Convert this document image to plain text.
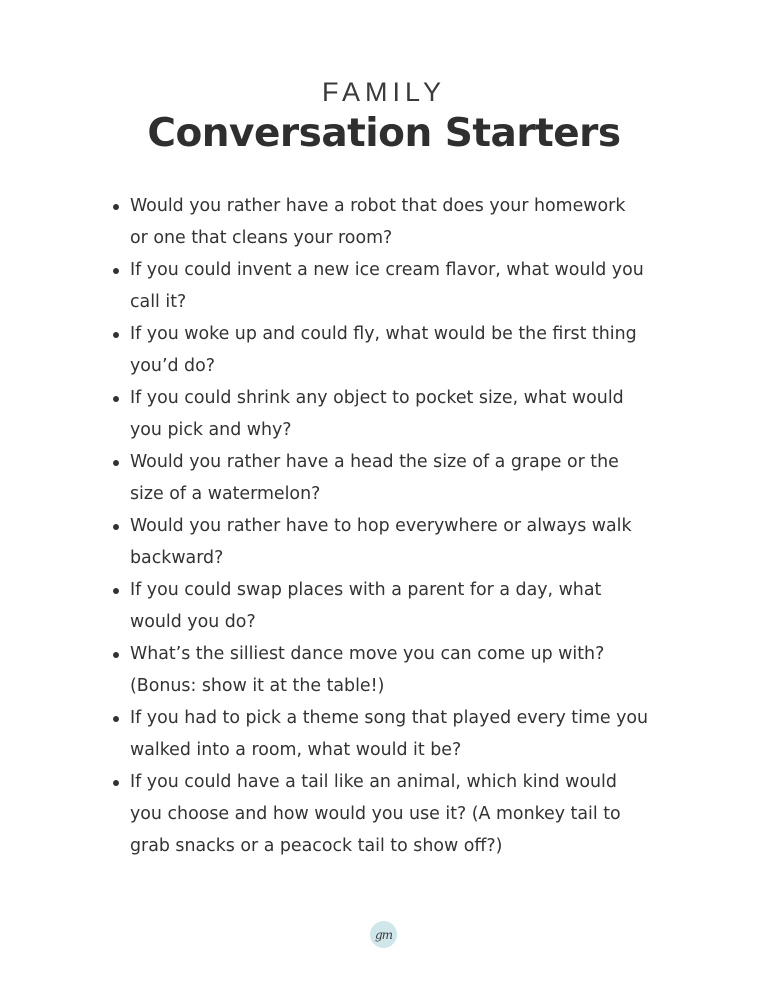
FAMILY
Conversation Starters
Would you rather have a robot that does your homework
or one that cleans your room?
If you could invent a new ice cream flavor, what would you
call it?
If you woke up and could fly, what would be the first thing
you’d do?
If you could shrink any object to pocket size, what would
you pick and why?
Would you rather have a head the size of a grape or the
size of a watermelon?
Would you rather have to hop everywhere or always walk
backward?
If you could swap places with a parent for a day, what
would you do?
What’s the silliest dance move you can come up with?
(Bonus: show it at the table!)
If you had to pick a theme song that played every time you
walked into a room, what would it be?
If you could have a tail like an animal, which kind would
you choose and how would you use it? (A monkey tail to
grab snacks or a peacock tail to show off?)
gm
